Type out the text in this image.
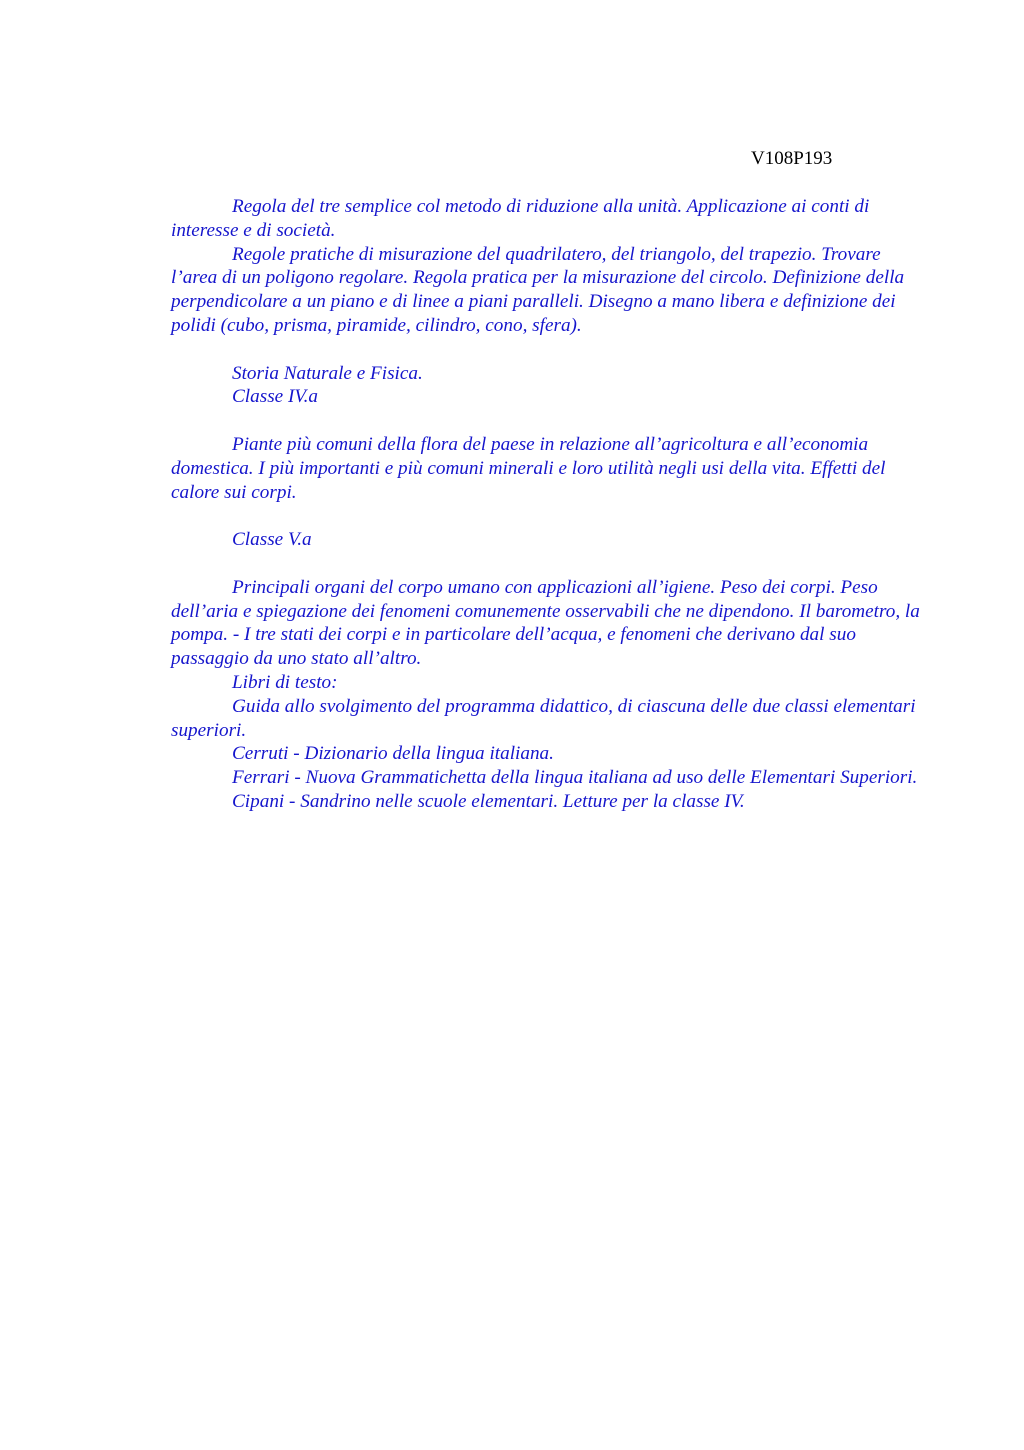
V108P193

Regola del tre semplice col metodo di riduzione alla unità. Applicazione ai conti di interesse e di società.

Regole pratiche di misurazione del quadrilatero, del triangolo, del trapezio. Trovare l’area di un poligono regolare. Regola pratica per la misurazione del circolo. Definizione della perpendicolare a un piano e di linee a piani paralleli. Disegno a mano libera e definizione dei polidi (cubo, prisma, piramide, cilindro, cono, sfera).

Storia Naturale e Fisica.

Classe IV.a

Piante più comuni della flora del paese in relazione all’agricoltura e all’economia domestica. I più importanti e più comuni minerali e loro utilità negli usi della vita. Effetti del calore sui corpi.

Classe V.a

Principali organi del corpo umano con applicazioni all’igiene. Peso dei corpi. Peso dell’aria e spiegazione dei fenomeni comunemente osservabili che ne dipendono. Il barometro, la pompa. - I tre stati dei corpi e in particolare dell’acqua, e fenomeni che derivano dal suo passaggio da uno stato all’altro.

Libri di testo:

Guida allo svolgimento del programma didattico, di ciascuna delle due classi elementari superiori.

Cerruti - Dizionario della lingua italiana.

Ferrari - Nuova Grammatichetta della lingua italiana ad uso delle Elementari Superiori.

Cipani - Sandrino nelle scuole elementari. Letture per la classe IV.
